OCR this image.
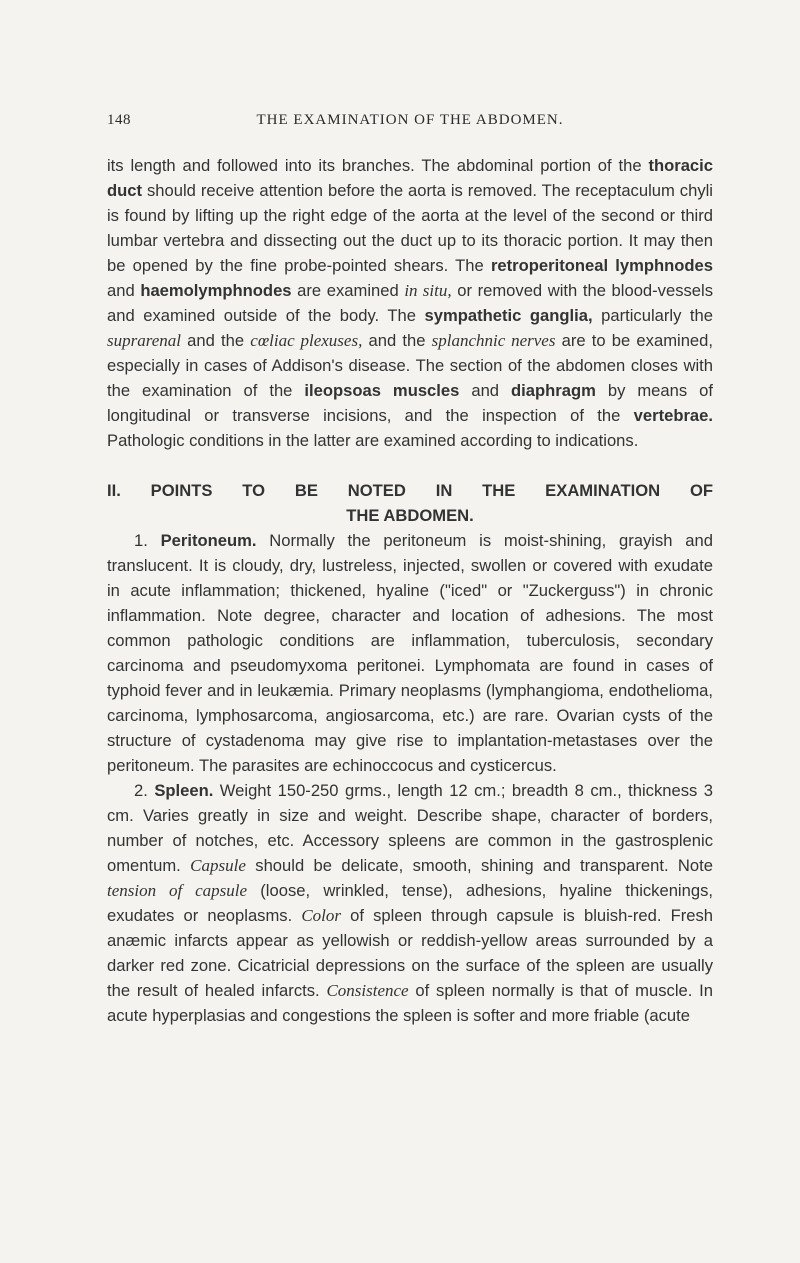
148	THE EXAMINATION OF THE ABDOMEN.

its length and followed into its branches. The abdominal portion of the thoracic duct should receive attention before the aorta is removed. The receptaculum chyli is found by lifting up the right edge of the aorta at the level of the second or third lumbar vertebra and dissecting out the duct up to its thoracic portion. It may then be opened by the fine probe-pointed shears. The retroperitoneal lymphnodes and haemolymphnodes are examined in situ, or removed with the blood-vessels and examined outside of the body. The sympathetic ganglia, particularly the suprarenal and the cœliac plexuses, and the splanchnic nerves are to be examined, especially in cases of Addison's disease. The section of the abdomen closes with the examination of the ileopsoas muscles and diaphragm by means of longitudinal or transverse incisions, and the inspection of the vertebrae. Pathologic conditions in the latter are examined according to indications.

II. POINTS TO BE NOTED IN THE EXAMINATION OF
THE ABDOMEN.

1. Peritoneum. Normally the peritoneum is moist-shining, grayish and translucent. It is cloudy, dry, lustreless, injected, swollen or covered with exudate in acute inflammation; thickened, hyaline ("iced" or "Zuckerguss") in chronic inflammation. Note degree, character and location of adhesions. The most common pathologic conditions are inflammation, tuberculosis, secondary carcinoma and pseudomyxoma peritonei. Lymphomata are found in cases of typhoid fever and in leukæmia. Primary neoplasms (lymphangioma, endothelioma, carcinoma, lymphosarcoma, angiosarcoma, etc.) are rare. Ovarian cysts of the structure of cystadenoma may give rise to implantation-metastases over the peritoneum. The parasites are echinoccocus and cysticercus.

2. Spleen. Weight 150-250 grms., length 12 cm.; breadth 8 cm., thickness 3 cm. Varies greatly in size and weight. Describe shape, character of borders, number of notches, etc. Accessory spleens are common in the gastrosplenic omentum. Capsule should be delicate, smooth, shining and transparent. Note tension of capsule (loose, wrinkled, tense), adhesions, hyaline thickenings, exudates or neoplasms. Color of spleen through capsule is bluish-red. Fresh anæmic infarcts appear as yellowish or reddish-yellow areas surrounded by a darker red zone. Cicatricial depressions on the surface of the spleen are usually the result of healed infarcts. Consistence of spleen normally is that of muscle. In acute hyperplasias and congestions the spleen is softer and more friable (acute
